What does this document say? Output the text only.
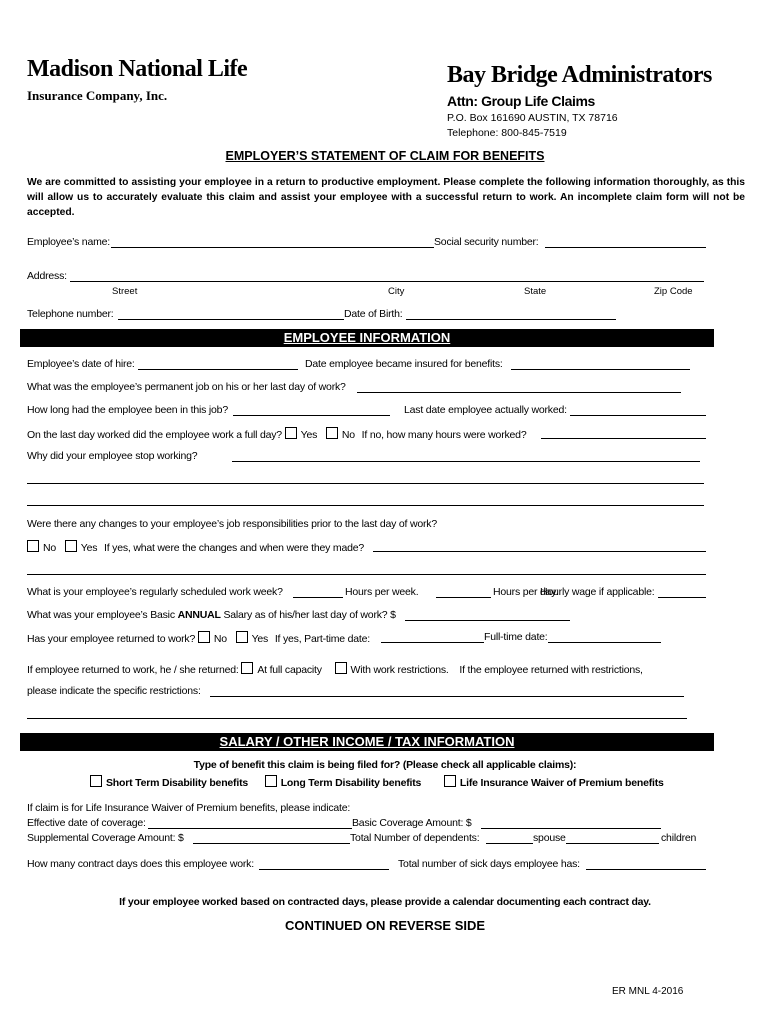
Madison National Life
Insurance Company, Inc.
Bay Bridge Administrators
Attn: Group Life Claims
P.O. Box 161690 AUSTIN, TX 78716
Telephone: 800-845-7519
EMPLOYER’S STATEMENT OF CLAIM FOR BENEFITS
We are committed to assisting your employee in a return to productive employment. Please complete the following information thoroughly, as this will allow us to accurately evaluate this claim and assist your employee with a successful return to work. An incomplete claim form will not be accepted.
Employee’s name:	Social security number:
Address:
Street	City	State	Zip Code
Telephone number:	Date of Birth:
EMPLOYEE INFORMATION
Employee’s date of hire:	Date employee became insured for benefits:
What was the employee’s permanent job on his or her last day of work?
How long had the employee been in this job?	Last date employee actually worked:
On the last day worked did the employee work a full day? Yes No If no, how many hours were worked?
Why did your employee stop working?
Were there any changes to your employee’s job responsibilities prior to the last day of work?
No Yes If yes, what were the changes and when were they made?
What is your employee’s regularly scheduled work week?	Hours per week.	Hours per day.
Hourly wage if applicable:
What was your employee’s Basic ANNUAL Salary as of his/her last day of work? $
Has your employee returned to work? No Yes If yes, Part-time date:	Full-time date:
If employee returned to work, he / she returned: At full capacity	With work restrictions. If the employee returned with restrictions,
please indicate the specific restrictions:
SALARY / OTHER INCOME / TAX INFORMATION
Type of benefit this claim is being filed for? (Please check all applicable claims):
Short Term Disability benefits	Long Term Disability benefits	Life Insurance Waiver of Premium benefits
If claim is for Life Insurance Waiver of Premium benefits, please indicate:
Effective date of coverage:	Basic Coverage Amount: $
Supplemental Coverage Amount: $	Total Number of dependents:	spouse	children
How many contract days does this employee work:	Total number of sick days employee has:
If your employee worked based on contracted days, please provide a calendar documenting each contract day.
CONTINUED ON REVERSE SIDE
ER MNL 4-2016
